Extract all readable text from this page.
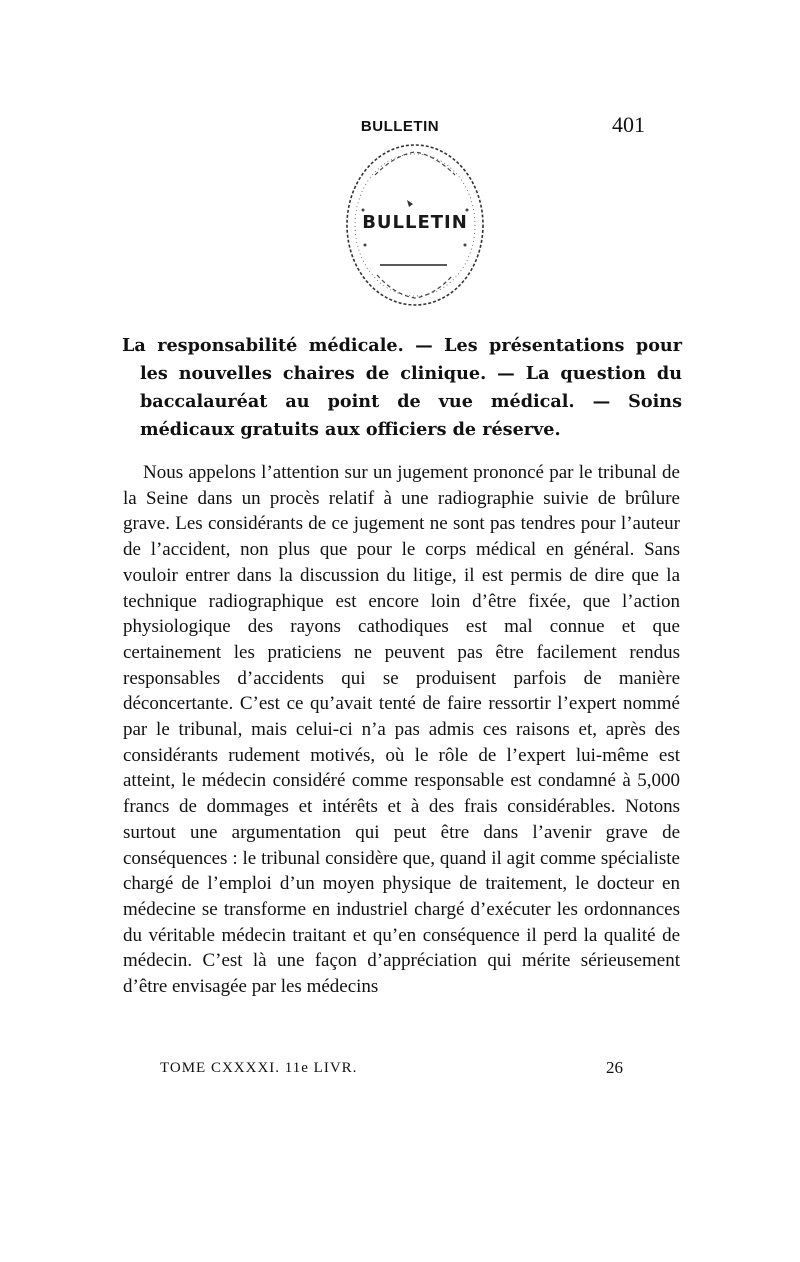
BULLETIN	401
BULLETIN
La responsabilité médicale. — Les présentations pour les nouvelles chaires de clinique. — La question du baccalauréat au point de vue médical. — Soins médicaux gratuits aux officiers de réserve.
Nous appelons l’attention sur un jugement prononcé par le tribunal de la Seine dans un procès relatif à une radiographie suivie de brûlure grave. Les considérants de ce jugement ne sont pas tendres pour l’auteur de l’accident, non plus que pour le corps médical en général. Sans vouloir entrer dans la discussion du litige, il est permis de dire que la technique radiographique est encore loin d’être fixée, que l’action physiologique des rayons cathodiques est mal connue et que certainement les praticiens ne peuvent pas être facilement rendus responsables d’accidents qui se produisent parfois de manière déconcertante. C’est ce qu’avait tenté de faire ressortir l’expert nommé par le tribunal, mais celui-ci n’a pas admis ces raisons et, après des considérants rudement motivés, où le rôle de l’expert lui-même est atteint, le médecin considéré comme responsable est condamné à 5,000 francs de dommages et intérêts et à des frais considérables. Notons surtout une argumentation qui peut être dans l’avenir grave de conséquences : le tribunal considère que, quand il agit comme spécialiste chargé de l’emploi d’un moyen physique de traitement, le docteur en médecine se transforme en industriel chargé d’exécuter les ordonnances du véritable médecin traitant et qu’en conséquence il perd la qualité de médecin. C’est là une façon d’appréciation qui mérite sérieusement d’être envisagée par les médecins
TOME CXXXXI. 11e LIVR.	26
